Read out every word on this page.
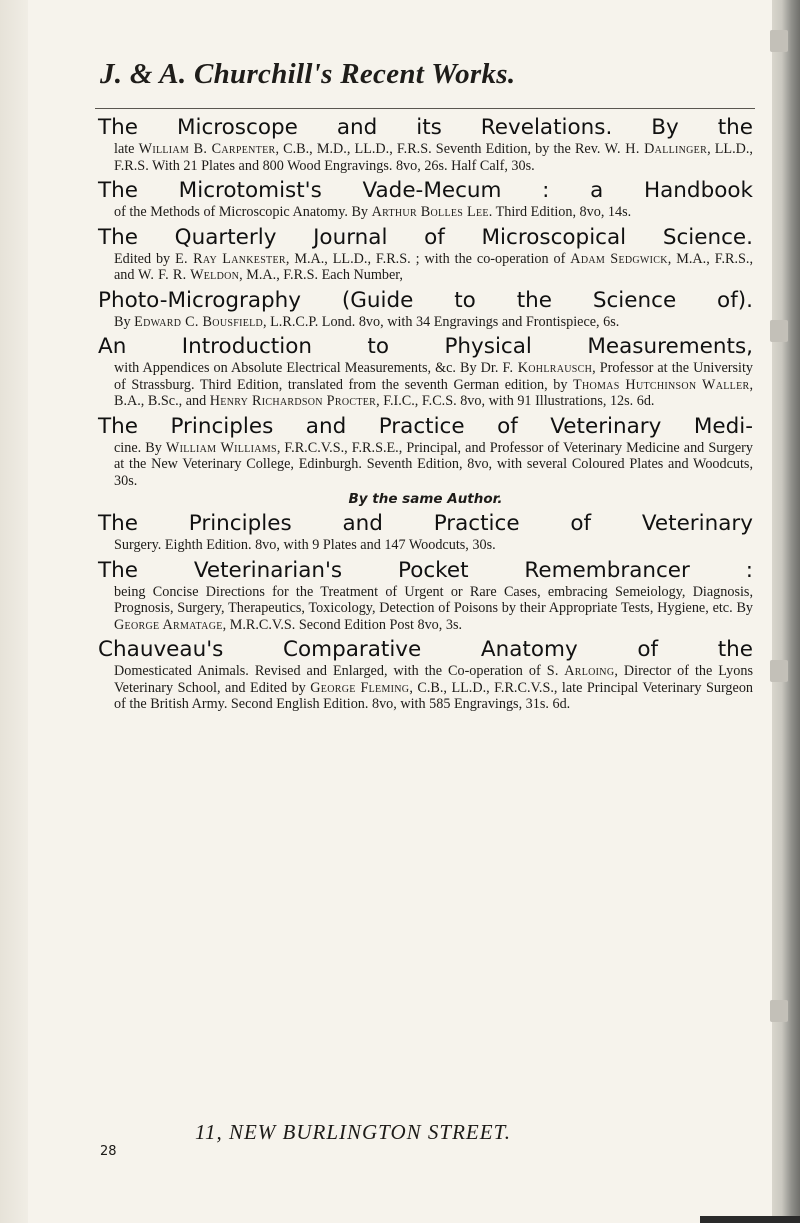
J. & A. Churchill's Recent Works.
The Microscope and its Revelations. By the
late William B. Carpenter, C.B., M.D., LL.D., F.R.S. Seventh Edition, by the Rev. W. H. Dallinger, LL.D., F.R.S. With 21 Plates and 800 Wood Engravings. 8vo, 26s. Half Calf, 30s.
The Microtomist's Vade-Mecum : a Handbook
of the Methods of Microscopic Anatomy. By Arthur Bolles Lee. Third Edition, 8vo, 14s.
The Quarterly Journal of Microscopical Science.
Edited by E. Ray Lankester, M.A., LL.D., F.R.S. ; with the co-operation of Adam Sedgwick, M.A., F.R.S., and W. F. R. Weldon, M.A., F.R.S. Each Number,
Photo-Micrography (Guide to the Science of).
By Edward C. Bousfield, L.R.C.P. Lond. 8vo, with 34 Engravings and Frontispiece, 6s.
An Introduction to Physical Measurements,
with Appendices on Absolute Electrical Measurements, &c. By Dr. F. Kohlrausch, Professor at the University of Strassburg. Third Edition, translated from the seventh German edition, by Thomas Hutchinson Waller, B.A., B.Sc., and Henry Richardson Procter, F.I.C., F.C.S. 8vo, with 91 Illustrations, 12s. 6d.
The Principles and Practice of Veterinary Medi-
cine. By William Williams, F.R.C.V.S., F.R.S.E., Principal, and Professor of Veterinary Medicine and Surgery at the New Veterinary College, Edinburgh. Seventh Edition, 8vo, with several Coloured Plates and Woodcuts, 30s.
By the same Author.
The Principles and Practice of Veterinary
Surgery. Eighth Edition. 8vo, with 9 Plates and 147 Woodcuts, 30s.
The Veterinarian's Pocket Remembrancer :
being Concise Directions for the Treatment of Urgent or Rare Cases, embracing Semeiology, Diagnosis, Prognosis, Surgery, Therapeutics, Toxicology, Detection of Poisons by their Appropriate Tests, Hygiene, etc. By George Armatage, M.R.C.V.S. Second Edition Post 8vo, 3s.
Chauveau's Comparative Anatomy of the
Domesticated Animals. Revised and Enlarged, with the Co-operation of S. Arloing, Director of the Lyons Veterinary School, and Edited by George Fleming, C.B., LL.D., F.R.C.V.S., late Principal Veterinary Surgeon of the British Army. Second English Edition. 8vo, with 585 Engravings, 31s. 6d.
11, NEW BURLINGTON STREET.
28
